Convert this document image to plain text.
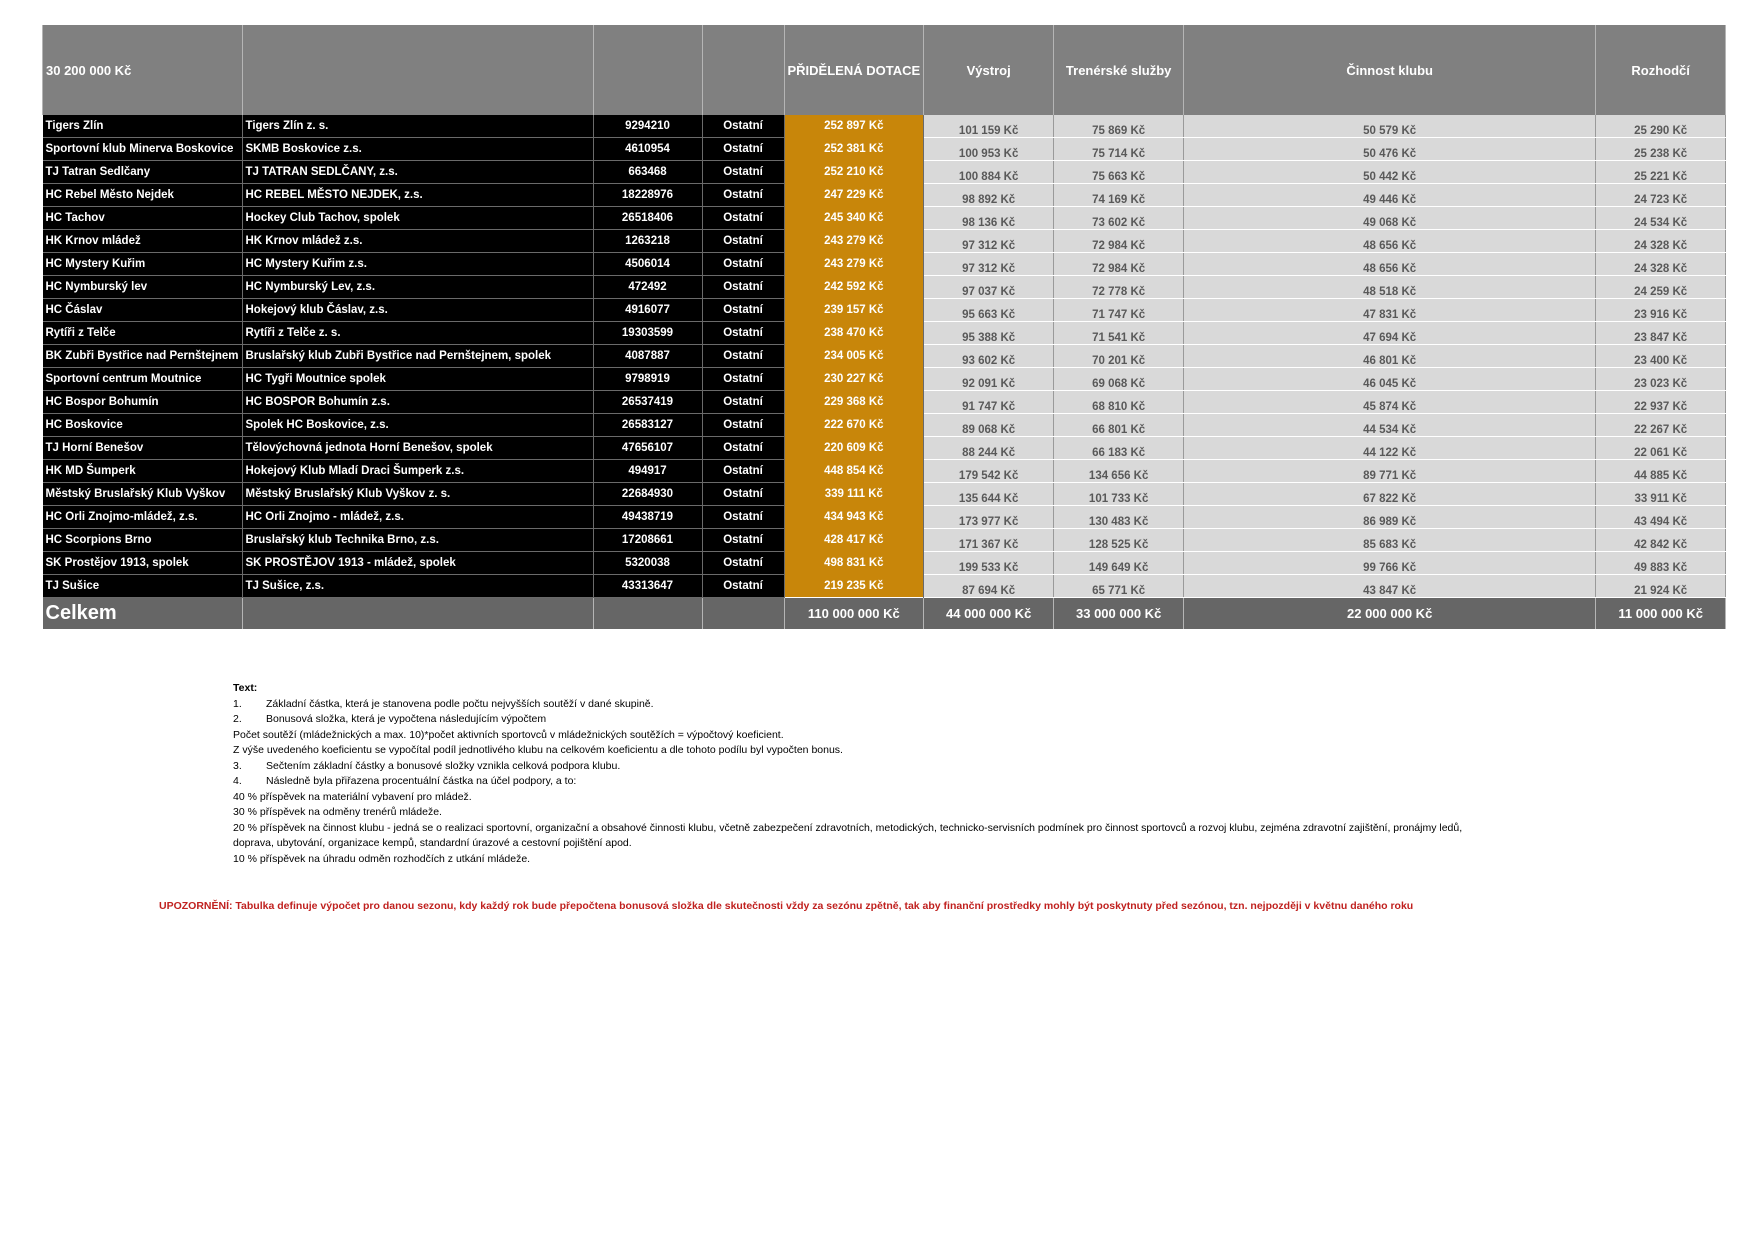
30 200 000 Kč				PŘIDĚLENÁ DOTACE	Výstroj	Trenérské služby	Činnost klubu	Rozhodčí
Tigers Zlín	Tigers Zlín z. s.	9294210	Ostatní	252 897 Kč	101 159 Kč	75 869 Kč	50 579 Kč	25 290 Kč
Sportovní klub Minerva Boskovice	SKMB Boskovice z.s.	4610954	Ostatní	252 381 Kč	100 953 Kč	75 714 Kč	50 476 Kč	25 238 Kč
TJ Tatran Sedlčany	TJ TATRAN SEDLČANY, z.s.	663468	Ostatní	252 210 Kč	100 884 Kč	75 663 Kč	50 442 Kč	25 221 Kč
HC Rebel Město Nejdek	HC REBEL MĚSTO NEJDEK, z.s.	18228976	Ostatní	247 229 Kč	98 892 Kč	74 169 Kč	49 446 Kč	24 723 Kč
HC Tachov	Hockey Club Tachov, spolek	26518406	Ostatní	245 340 Kč	98 136 Kč	73 602 Kč	49 068 Kč	24 534 Kč
HK Krnov mládež	HK Krnov mládež z.s.	1263218	Ostatní	243 279 Kč	97 312 Kč	72 984 Kč	48 656 Kč	24 328 Kč
HC Mystery Kuřim	HC Mystery Kuřim z.s.	4506014	Ostatní	243 279 Kč	97 312 Kč	72 984 Kč	48 656 Kč	24 328 Kč
HC Nymburský lev	HC Nymburský Lev, z.s.	472492	Ostatní	242 592 Kč	97 037 Kč	72 778 Kč	48 518 Kč	24 259 Kč
HC Čáslav	Hokejový klub Čáslav, z.s.	4916077	Ostatní	239 157 Kč	95 663 Kč	71 747 Kč	47 831 Kč	23 916 Kč
Rytíři z Telče	Rytíři z Telče z. s.	19303599	Ostatní	238 470 Kč	95 388 Kč	71 541 Kč	47 694 Kč	23 847 Kč
BK Zubři Bystřice nad Pernštejnem	Bruslařský klub Zubři Bystřice nad Pernštejnem, spolek	4087887	Ostatní	234 005 Kč	93 602 Kč	70 201 Kč	46 801 Kč	23 400 Kč
Sportovní centrum Moutnice	HC Tygři Moutnice spolek	9798919	Ostatní	230 227 Kč	92 091 Kč	69 068 Kč	46 045 Kč	23 023 Kč
HC Bospor Bohumín	HC BOSPOR Bohumín z.s.	26537419	Ostatní	229 368 Kč	91 747 Kč	68 810 Kč	45 874 Kč	22 937 Kč
HC Boskovice	Spolek HC Boskovice, z.s.	26583127	Ostatní	222 670 Kč	89 068 Kč	66 801 Kč	44 534 Kč	22 267 Kč
TJ Horní Benešov	Tělovýchovná jednota Horní Benešov, spolek	47656107	Ostatní	220 609 Kč	88 244 Kč	66 183 Kč	44 122 Kč	22 061 Kč
HK MD Šumperk	Hokejový Klub Mladí Draci Šumperk z.s.	494917	Ostatní	448 854 Kč	179 542 Kč	134 656 Kč	89 771 Kč	44 885 Kč
Městský Bruslařský Klub Vyškov	Městský Bruslařský Klub Vyškov z. s.	22684930	Ostatní	339 111 Kč	135 644 Kč	101 733 Kč	67 822 Kč	33 911 Kč
HC Orli Znojmo-mládež, z.s.	HC Orli Znojmo - mládež, z.s.	49438719	Ostatní	434 943 Kč	173 977 Kč	130 483 Kč	86 989 Kč	43 494 Kč
HC Scorpions Brno	Bruslařský klub Technika Brno, z.s.	17208661	Ostatní	428 417 Kč	171 367 Kč	128 525 Kč	85 683 Kč	42 842 Kč
SK Prostějov 1913, spolek	SK PROSTĚJOV 1913 - mládež, spolek	5320038	Ostatní	498 831 Kč	199 533 Kč	149 649 Kč	99 766 Kč	49 883 Kč
TJ Sušice	TJ Sušice, z.s.	43313647	Ostatní	219 235 Kč	87 694 Kč	65 771 Kč	43 847 Kč	21 924 Kč
Celkem				110 000 000 Kč	44 000 000 Kč	33 000 000 Kč	22 000 000 Kč	11 000 000 Kč
Text:
1. Základní částka, která je stanovena podle počtu nejvyšších soutěží v dané skupině.
2. Bonusová složka, která je vypočtena následujícím výpočtem
Počet soutěží (mládežnických a max. 10)*počet aktivních sportovců v mládežnických soutěžích = výpočtový koeficient.
Z výše uvedeného koeficientu se vypočítal podíl jednotlivého klubu na celkovém koeficientu a dle tohoto podílu byl vypočten bonus.
3. Sečtením základní částky a bonusové složky vznikla celková podpora klubu.
4. Následně byla přiřazena procentuální částka na účel podpory, a to:
40 % příspěvek na materiální vybavení pro mládež.
30 % příspěvek na odměny trenérů mládeže.
20 % příspěvek na činnost klubu - jedná se o realizaci sportovní, organizační a obsahové činnosti klubu, včetně zabezpečení zdravotních, metodických, technicko-servisních podmínek pro činnost sportovců a rozvoj klubu, zejména zdravotní zajištění, pronájmy ledů,
dopravа, ubytování, organizace kempů, standardní úrazové a cestovní pojištění apod.
10 % příspěvek na úhradu odměn rozhodčích z utkání mládeže.
UPOZORNĚNÍ: Tabulka definuje výpočet pro danou sezonu, kdy každý rok bude přepočtena bonusová složka dle skutečnosti vždy za sezónu zpětně, tak aby finanční prostředky mohly být poskytnuty před sezónou, tzn. nejpozději v květnu daného roku
